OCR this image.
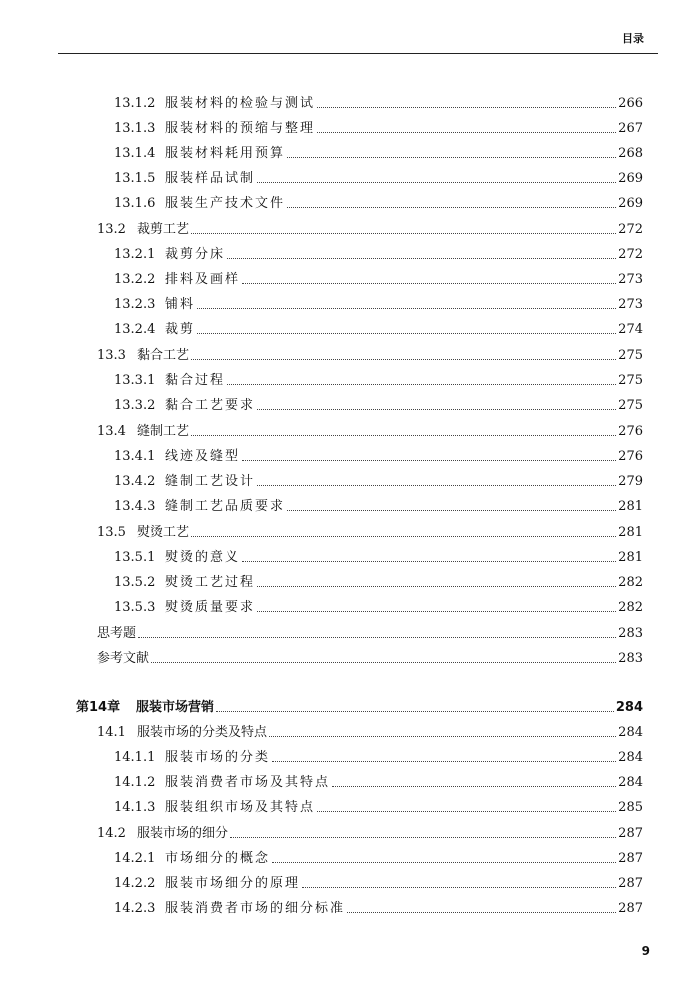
目录
13.1.2 服装材料的检验与测试	266
13.1.3 服装材料的预缩与整理	267
13.1.4 服装材料耗用预算	268
13.1.5 服装样品试制	269
13.1.6 服装生产技术文件	269
13.2 裁剪工艺	272
13.2.1 裁剪分床	272
13.2.2 排料及画样	273
13.2.3 铺料	273
13.2.4 裁剪	274
13.3 黏合工艺	275
13.3.1 黏合过程	275
13.3.2 黏合工艺要求	275
13.4 缝制工艺	276
13.4.1 线迹及缝型	276
13.4.2 缝制工艺设计	279
13.4.3 缝制工艺品质要求	281
13.5 熨烫工艺	281
13.5.1 熨烫的意义	281
13.5.2 熨烫工艺过程	282
13.5.3 熨烫质量要求	282
思考题	283
参考文献	283
第14章	服装市场营销	284
14.1 服装市场的分类及特点	284
14.1.1 服装市场的分类	284
14.1.2 服装消费者市场及其特点	284
14.1.3 服装组织市场及其特点	285
14.2 服装市场的细分	287
14.2.1 市场细分的概念	287
14.2.2 服装市场细分的原理	287
14.2.3 服装消费者市场的细分标准	287
9
